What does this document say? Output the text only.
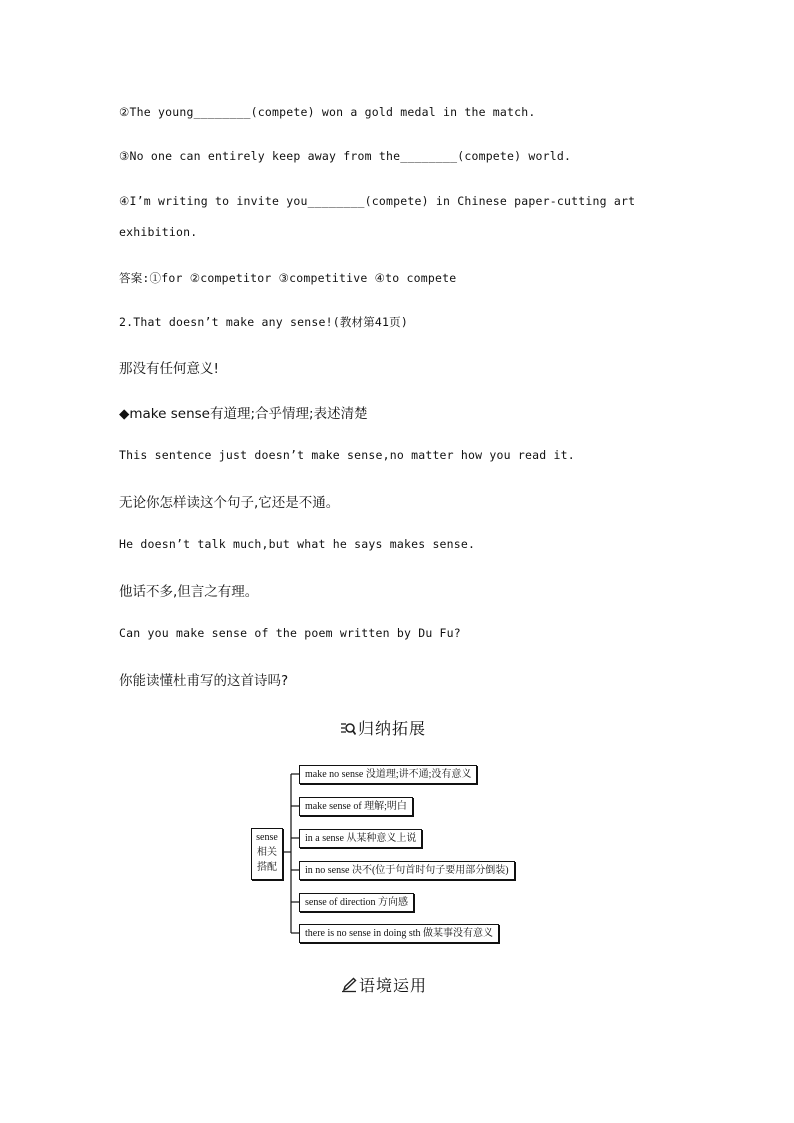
②The young________(compete) won a gold medal in the match.
③No one can entirely keep away from the________(compete) world.
④I’m writing to invite you________(compete) in Chinese paper-cutting art
exhibition.
答案:①for ②competitor ③competitive ④to compete
2.That doesn’t make any sense!(教材第41页)
那没有任何意义!
◆make sense有道理;合乎情理;表述清楚
This sentence just doesn’t make sense,no matter how you read it.
无论你怎样读这个句子,它还是不通。
He doesn’t talk much,but what he says makes sense.
他话不多,但言之有理。
Can you make sense of the poem written by Du Fu?
你能读懂杜甫写的这首诗吗?
归纳拓展
sense
相关
搭配
make no sense 没道理;讲不通;没有意义
make sense of 理解;明白
in a sense 从某种意义上说
in no sense 决不(位于句首时句子要用部分倒装)
sense of direction 方向感
there is no sense in doing sth 做某事没有意义
语境运用
